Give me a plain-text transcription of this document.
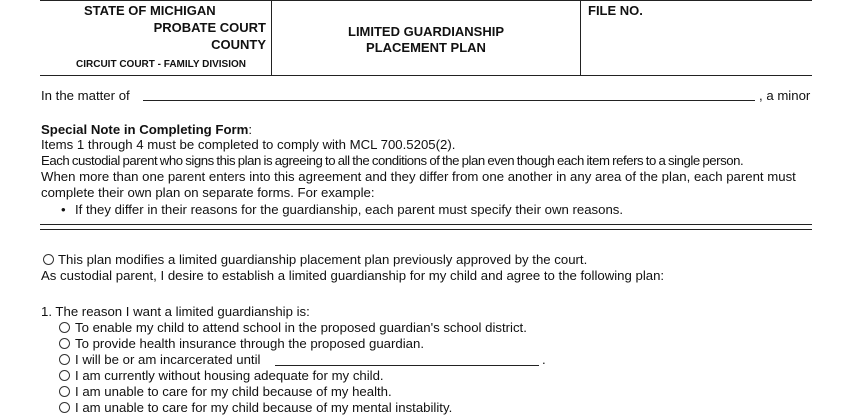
STATE OF MICHIGAN
PROBATE COURT
COUNTY
CIRCUIT COURT - FAMILY DIVISION
LIMITED GUARDIANSHIP
PLACEMENT PLAN
FILE NO.
In the matter of	, a minor
Special Note in Completing Form:
Items 1 through 4 must be completed to comply with MCL 700.5205(2).
Each custodial parent who signs this plan is agreeing to all the conditions of the plan even though each item refers to a single person.
When more than one parent enters into this agreement and they differ from one another in any area of the plan, each parent must
complete their own plan on separate forms. For example:
• If they differ in their reasons for the guardianship, each parent must specify their own reasons.
This plan modifies a limited guardianship placement plan previously approved by the court.
As custodial parent, I desire to establish a limited guardianship for my child and agree to the following plan:
1. The reason I want a limited guardianship is:
To enable my child to attend school in the proposed guardian's school district.
To provide health insurance through the proposed guardian.
I will be or am incarcerated until	.
I am currently without housing adequate for my child.
I am unable to care for my child because of my health.
I am unable to care for my child because of my mental instability.
